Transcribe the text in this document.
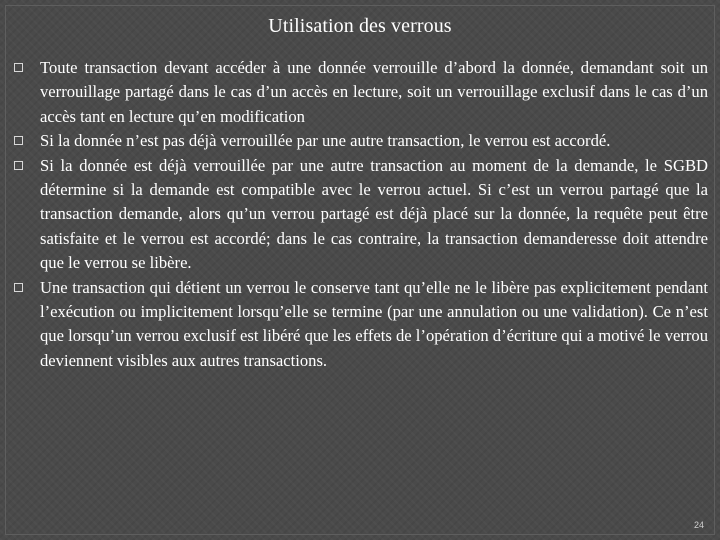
Utilisation des verrous
Toute transaction devant accéder à une donnée verrouille d’abord la donnée, demandant soit un verrouillage partagé dans le cas d’un accès en lecture, soit un verrouillage exclusif dans le cas d’un accès tant en lecture qu’en modification
Si la donnée n’est pas déjà verrouillée par une autre transaction, le verrou est accordé.
Si la donnée est déjà verrouillée par une autre transaction au moment de la demande, le SGBD détermine si la demande est compatible avec le verrou actuel. Si c’est un verrou partagé que la transaction demande, alors qu’un verrou partagé est déjà placé sur la donnée, la requête peut être satisfaite et le verrou est accordé; dans le cas contraire, la transaction demanderesse doit attendre que le verrou se libère.
Une transaction qui détient un verrou le conserve tant qu’elle ne le libère pas explicitement pendant l’exécution ou implicitement lorsqu’elle se termine (par une annulation ou une validation). Ce n’est que lorsqu’un verrou exclusif est libéré que les effets de l’opération d’écriture qui a motivé le verrou deviennent visibles aux autres transactions.
24
